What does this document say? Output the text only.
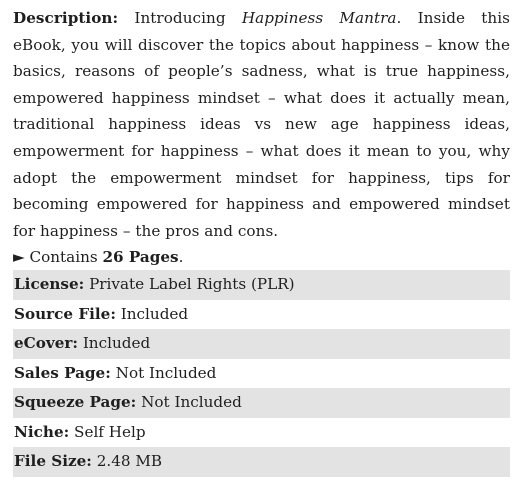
Description: Introducing Happiness Mantra. Inside this eBook, you will discover the topics about happiness – know the basics, reasons of people’s sadness, what is true happiness, empowered happiness mindset – what does it actually mean, traditional happiness ideas vs new age happiness ideas, empowerment for happiness – what does it mean to you, why adopt the empowerment mindset for happiness, tips for becoming empowered for happiness and empowered mindset for happiness – the pros and cons.

► Contains 26 Pages.

License: Private Label Rights (PLR)
Source File: Included
eCover: Included
Sales Page: Not Included
Squeeze Page: Not Included
Niche: Self Help
File Size: 2.48 MB
